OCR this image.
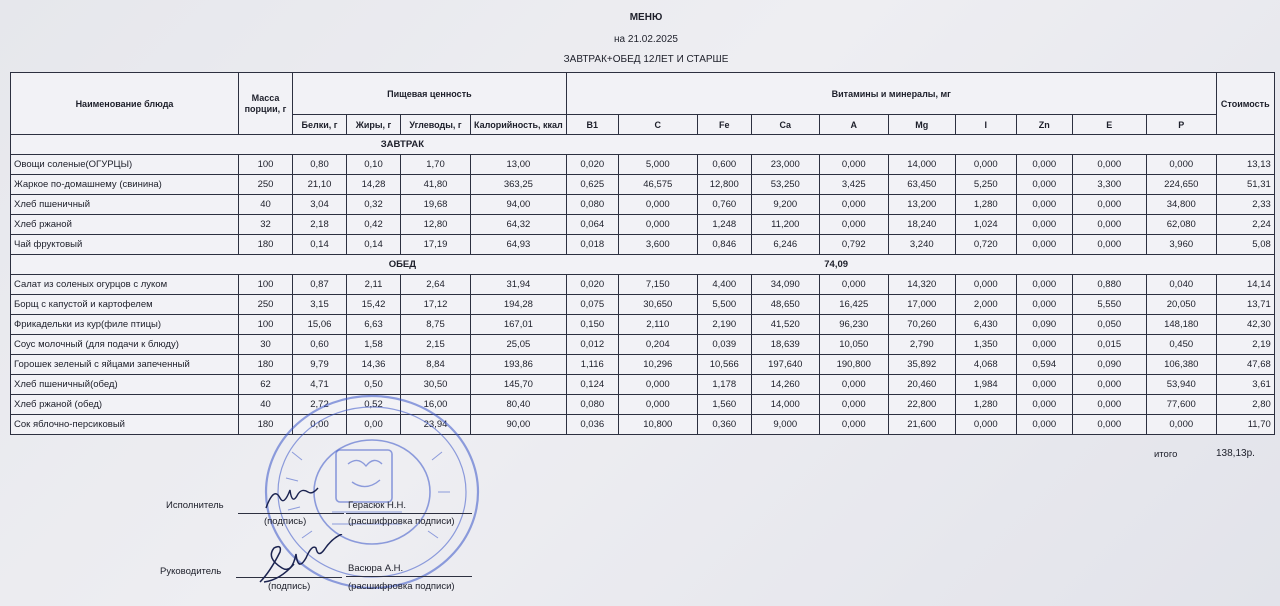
МЕНЮ
на 21.02.2025
ЗАВТРАК+ОБЕД 12ЛЕТ И СТАРШЕ
Наименование блюда	Масса порции, г	Пищевая ценность				Витамины и минералы, мг										Стоимость
		Белки, г	Жиры, г	Углеводы, г	Калорийность, ккал	B1	C	Fe	Ca	A	Mg	I	Zn	E	P	
	ЗАВТРАК															
Овощи соленые(ОГУРЦЫ)	100	0,80	0,10	1,70	13,00	0,020	5,000	0,600	23,000	0,000	14,000	0,000	0,000	0,000	0,000	13,13
Жаркое по-домашнему (свинина)	250	21,10	14,28	41,80	363,25	0,625	46,575	12,800	53,250	3,425	63,450	5,250	0,000	3,300	224,650	51,31
Хлеб пшеничный	40	3,04	0,32	19,68	94,00	0,080	0,000	0,760	9,200	0,000	13,200	1,280	0,000	0,000	34,800	2,33
Хлеб ржаной	32	2,18	0,42	12,80	64,32	0,064	0,000	1,248	11,200	0,000	18,240	1,024	0,000	0,000	62,080	2,24
Чай фруктовый	180	0,14	0,14	17,19	64,93	0,018	3,600	0,846	6,246	0,792	3,240	0,720	0,000	0,000	3,960	5,08
	ОБЕД					74,09										
Салат из соленых огурцов с луком	100	0,87	2,11	2,64	31,94	0,020	7,150	4,400	34,090	0,000	14,320	0,000	0,000	0,880	0,040	14,14
Борщ с капустой и картофелем	250	3,15	15,42	17,12	194,28	0,075	30,650	5,500	48,650	16,425	17,000	2,000	0,000	5,550	20,050	13,71
Фрикадельки из кур(филе птицы)	100	15,06	6,63	8,75	167,01	0,150	2,110	2,190	41,520	96,230	70,260	6,430	0,090	0,050	148,180	42,30
Соус молочный (для подачи к блюду)	30	0,60	1,58	2,15	25,05	0,012	0,204	0,039	18,639	10,050	2,790	1,350	0,000	0,015	0,450	2,19
Горошек зеленый с яйцами запеченный	180	9,79	14,36	8,84	193,86	1,116	10,296	10,566	197,640	190,800	35,892	4,068	0,594	0,090	106,380	47,68
Хлеб пшеничный(обед)	62	4,71	0,50	30,50	145,70	0,124	0,000	1,178	14,260	0,000	20,460	1,984	0,000	0,000	53,940	3,61
Хлеб ржаной (обед)	40	2,72	0,52	16,00	80,40	0,080	0,000	1,560	14,000	0,000	22,800	1,280	0,000	0,000	77,600	2,80
Сок яблочно-персиковый	180	0,00	0,00	23,94	90,00	0,036	10,800	0,360	9,000	0,000	21,600	0,000	0,000	0,000	0,000	11,70
итого	138,13р.
Исполнитель
(подпись)
Герасюк Н.Н.
(расшифровка подписи)
Руководитель
(подпись)
Васюра А.Н.
(расшифровка подписи)
